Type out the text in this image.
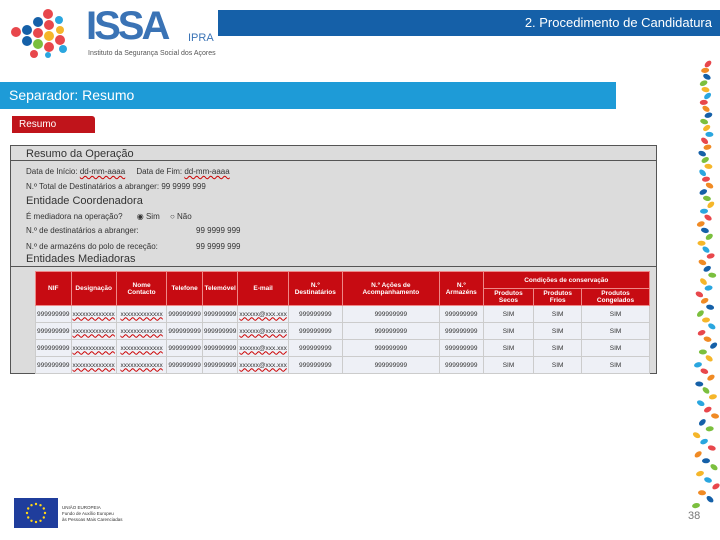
2. Procedimento de Candidatura
ISSA IPRA
Instituto da Segurança Social dos Açores
Separador: Resumo
Resumo
Resumo da Operação
Data de Início: dd-mm-aaaa Data de Fim: dd-mm-aaaa
N.º Total de Destinatários a abranger: 99 9999 999
Entidade Coordenadora
É mediadora na operação? ◉ Sim ○ Não
N.º de destinatários a abranger:	99 9999 999
N.º de armazéns do polo de receção:	99 9999 999
Entidades Mediadoras
NIF	Designação	Nome Contacto	Telefone	Telemóvel	E-mail	N.º Destinatários	N.º Ações de Acompanhamento	N.º Armazéns	Condições de conservação		
									Produtos Secos	Produtos Frios	Produtos Congelados
999999999	xxxxxxxxxxxxx	xxxxxxxxxxxxx	999999999	999999999	xxxxxx@xxx.xxx	999999999	999999999	999999999	SIM	SIM	SIM
999999999	xxxxxxxxxxxxx	xxxxxxxxxxxxx	999999999	999999999	xxxxxx@xxx.xxx	999999999	999999999	999999999	SIM	SIM	SIM
999999999	xxxxxxxxxxxxx	xxxxxxxxxxxxx	999999999	999999999	xxxxxx@xxx.xxx	999999999	999999999	999999999	SIM	SIM	SIM
999999999	xxxxxxxxxxxxx	xxxxxxxxxxxxx	999999999	999999999	xxxxxx@xxx.xxx	999999999	999999999	999999999	SIM	SIM	SIM
UNIÃO EUROPEIA
Fundo de Auxílio Europeu
às Pessoas Mais Carenciadas	38
